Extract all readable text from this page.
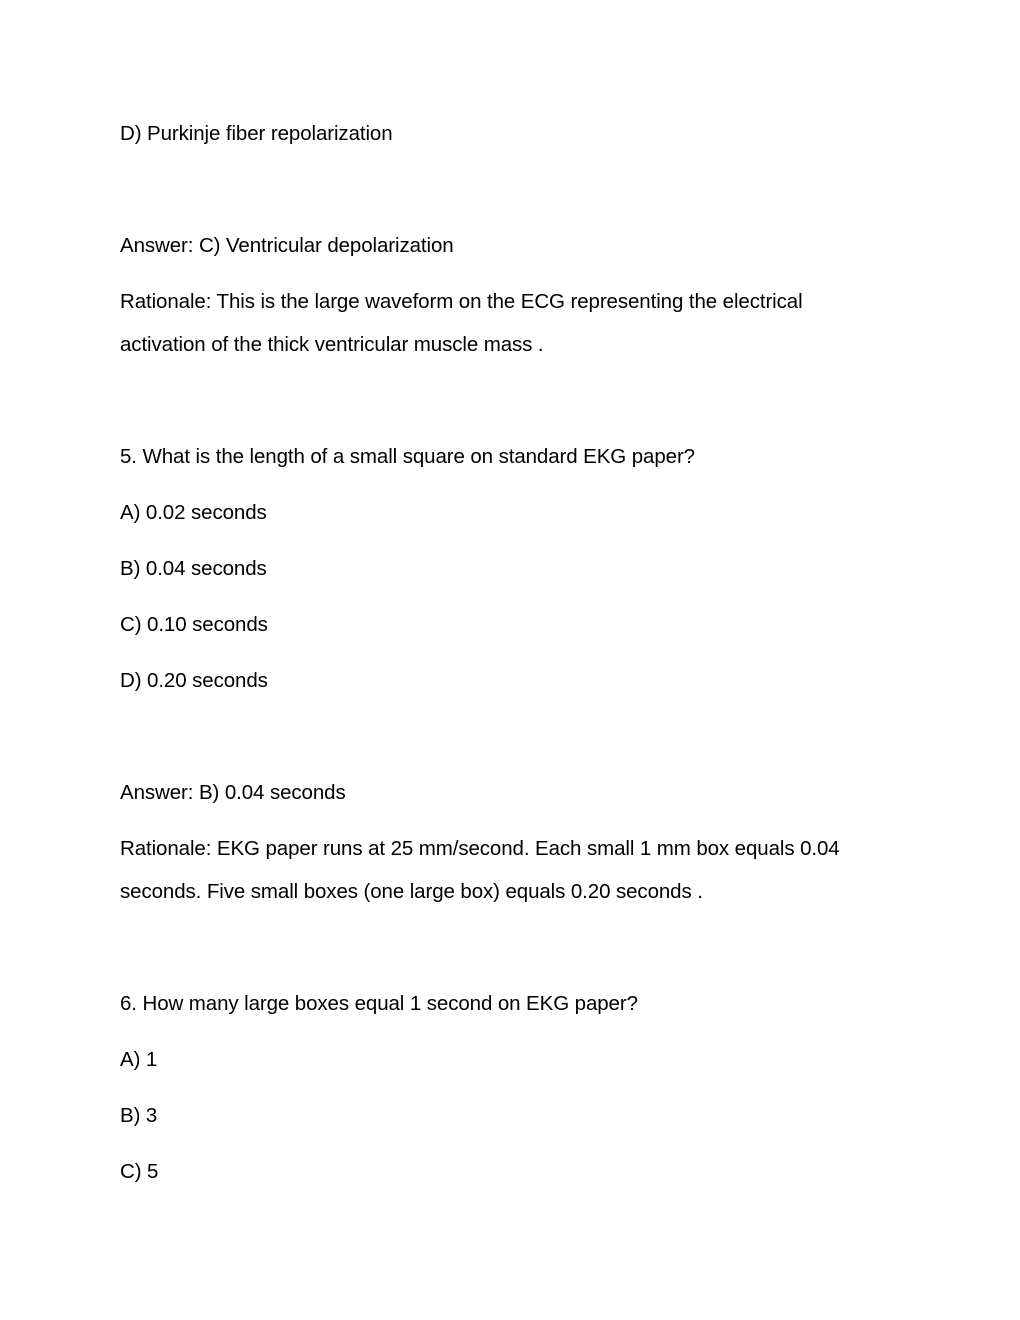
D) Purkinje fiber repolarization
Answer: C) Ventricular depolarization
Rationale: This is the large waveform on the ECG representing the electrical
activation of the thick ventricular muscle mass .
5. What is the length of a small square on standard EKG paper?
A) 0.02 seconds
B) 0.04 seconds
C) 0.10 seconds
D) 0.20 seconds
Answer: B) 0.04 seconds
Rationale: EKG paper runs at 25 mm/second. Each small 1 mm box equals 0.04
seconds. Five small boxes (one large box) equals 0.20 seconds .
6. How many large boxes equal 1 second on EKG paper?
A) 1
B) 3
C) 5
